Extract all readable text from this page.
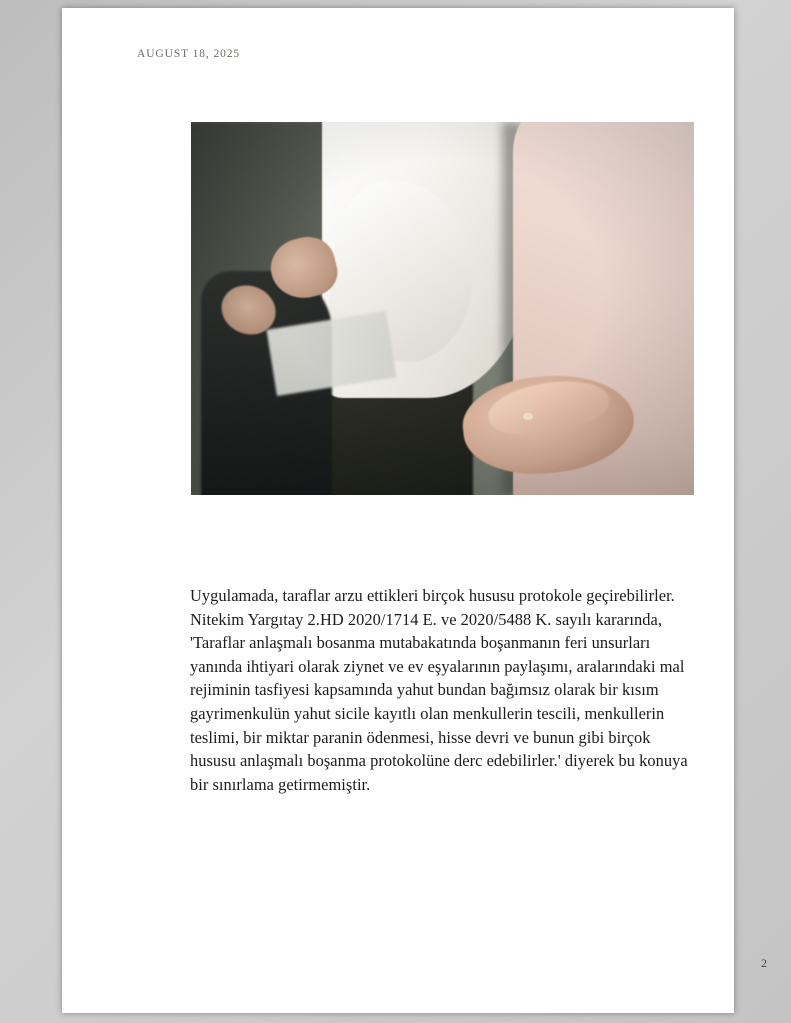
AUGUST 18, 2025
Uygulamada, taraflar arzu ettikleri birçok hususu protokole geçirebilirler. Nitekim Yargıtay 2.HD 2020/1714 E. ve 2020/5488 K. sayılı kararında, 'Taraflar anlaşmalı bosanma mutabakatında boşanmanın feri unsurları yanında ihtiyari olarak ziynet ve ev eşyalarının paylaşımı, aralarındaki mal rejiminin tasfiyesi kapsamında yahut bundan bağımsız olarak bir kısım gayrimenkulün yahut sicile kayıtlı olan menkullerin tescili, menkullerin teslimi, bir miktar paranin ödenmesi, hisse devri ve bunun gibi birçok hususu anlaşmalı boşanma protokolüne derc edebilirler.' diyerek bu konuya bir sınırlama getirmemiştir.
2
